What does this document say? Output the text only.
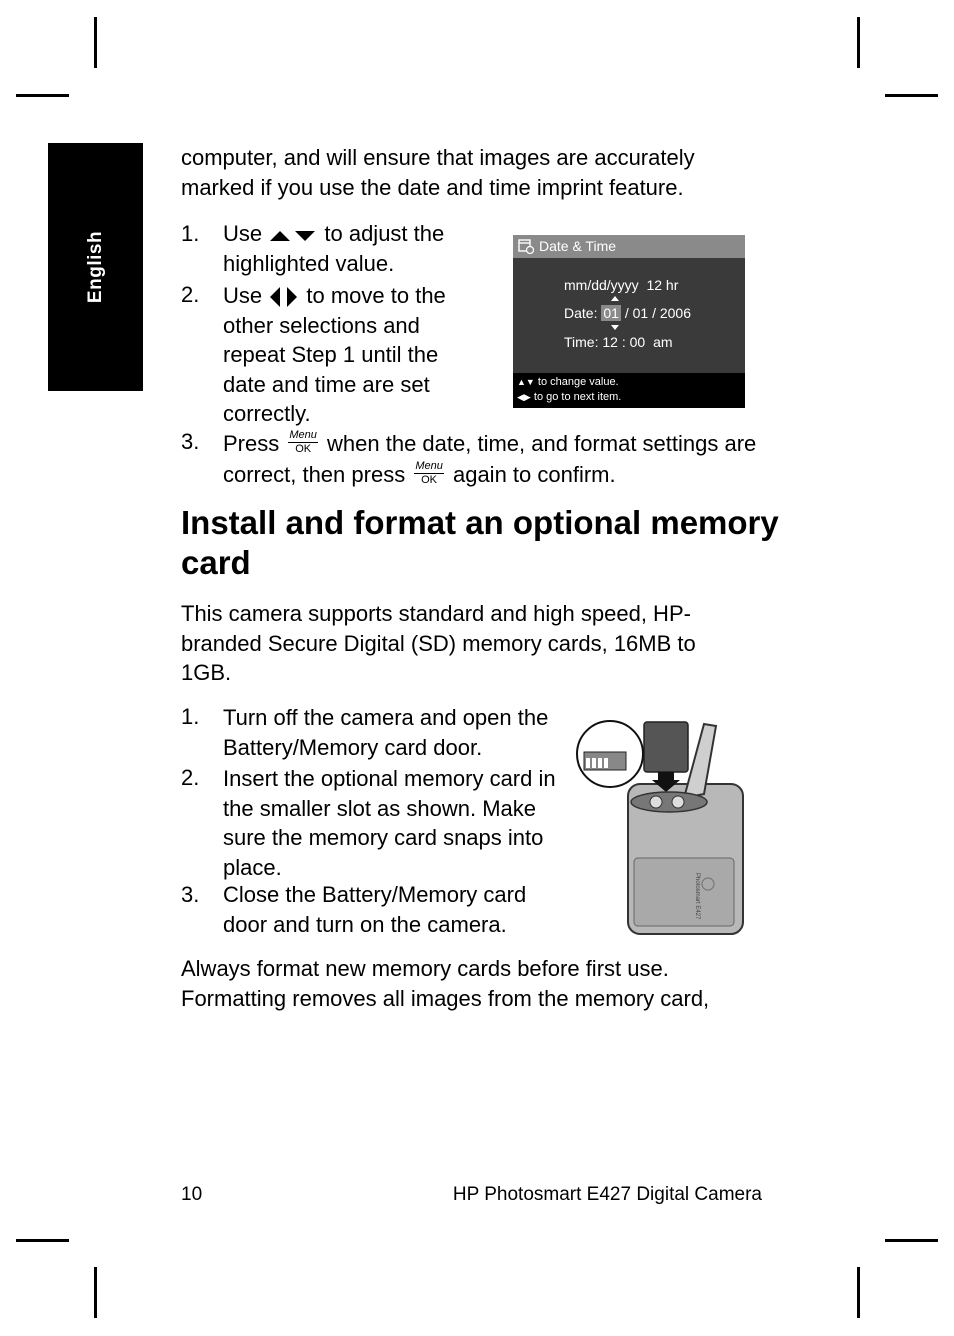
English

computer, and will ensure that images are accurately marked if you use the date and time imprint feature.

1. Use	to adjust the highlighted value.
2. Use to move to the other selections and repeat Step 1 until the date and time are set correctly.
3. Press Menu
OK when the date, time, and format settings are correct, then press Menu
OK again to confirm.
Date & Time
mm/dd/yyyy  12 hr
Date: 01 / 01 / 2006
Time: 12 : 00 am
▲▼ to change value.
◀▶ to go to next item.
Install and format an optional memory card

This camera supports standard and high speed, HP-branded Secure Digital (SD) memory cards, 16MB to 1GB.

1. Turn off the camera and open the Battery/Memory card door.
2. Insert the optional memory card in the smaller slot as shown. Make sure the memory card snaps into place.
3. Close the Battery/Memory card door and turn on the camera.
Photosmart E427

Always format new memory cards before first use. Formatting removes all images from the memory card,

10	HP Photosmart E427 Digital Camera
